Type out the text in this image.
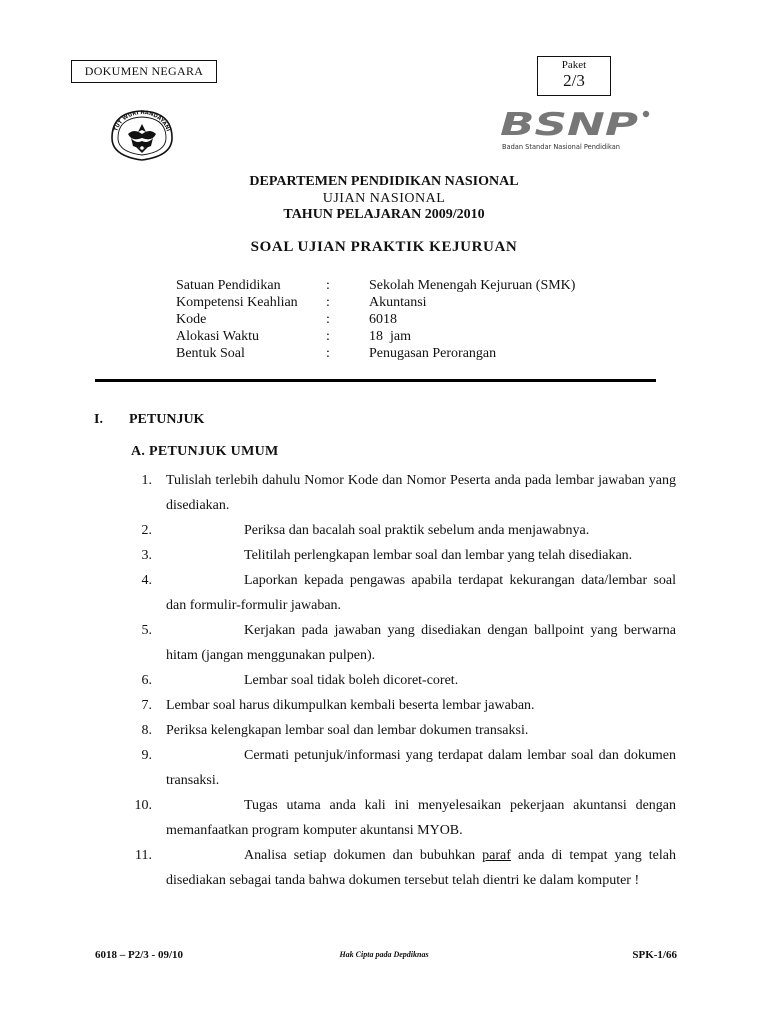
DOKUMEN NEGARA	Paket
2/3
TUT WURI HANDAYANI	BSNP
Badan Standar Nasional Pendidikan
DEPARTEMEN PENDIDIKAN NASIONAL
UJIAN NASIONAL
TAHUN PELAJARAN 2009/2010
SOAL UJIAN PRAKTIK KEJURUAN
Satuan Pendidikan	:	Sekolah Menengah Kejuruan (SMK)
Kompetensi Keahlian :	Akuntansi
Kode	:	6018
Alokasi Waktu	:	18  jam
Bentuk Soal	:	Penugasan Perorangan
I. PETUNJUK
A. PETUNJUK UMUM
1. Tulislah terlebih dahulu Nomor Kode dan Nomor Peserta anda pada lembar jawaban yang disediakan.
2.	Periksa dan bacalah soal praktik sebelum anda menjawabnya.
3.	Telitilah perlengkapan lembar soal dan lembar yang telah disediakan.
4.	Laporkan kepada pengawas apabila terdapat kekurangan data/lembar soal dan formulir-formulir jawaban.
5.	Kerjakan pada jawaban yang disediakan dengan ballpoint yang berwarna hitam (jangan menggunakan pulpen).
6.	Lembar soal tidak boleh dicoret-coret.
7. Lembar soal harus dikumpulkan kembali beserta lembar jawaban.
8. Periksa kelengkapan lembar soal dan lembar dokumen transaksi.
9.	Cermati petunjuk/informasi yang terdapat dalam lembar soal dan dokumen transaksi.
10.	Tugas utama anda kali ini menyelesaikan pekerjaan akuntansi dengan memanfaatkan program komputer akuntansi MYOB.
11.	Analisa setiap dokumen dan bubuhkan paraf anda di tempat yang telah disediakan sebagai tanda bahwa dokumen tersebut telah dientri ke dalam komputer !
6018 – P2/3 - 09/10	Hak Cipta pada Depdiknas	SPK-1/66
